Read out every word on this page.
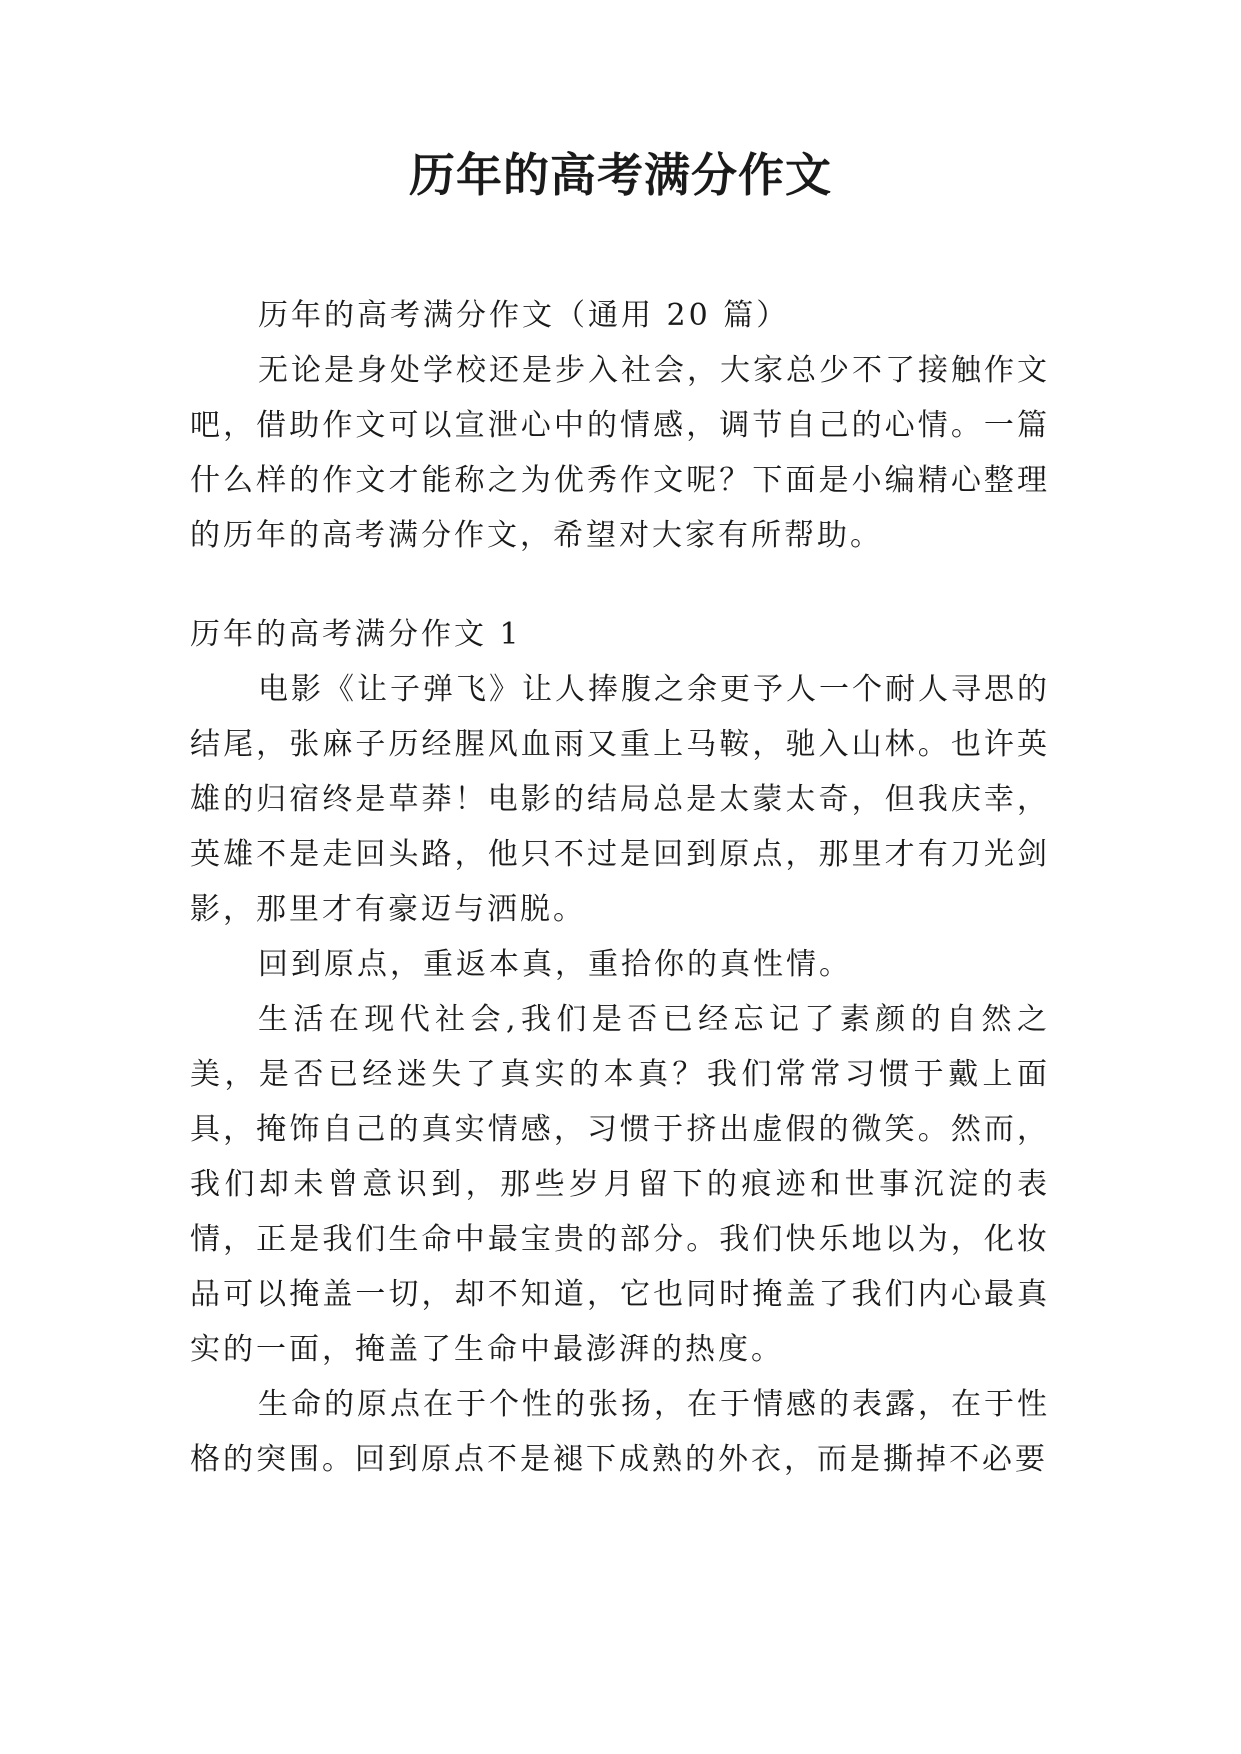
历年的高考满分作文

历年的高考满分作文（通用 20 篇）

无论是身处学校还是步入社会，大家总少不了接触作文吧，借助作文可以宣泄心中的情感，调节自己的心情。一篇什么样的作文才能称之为优秀作文呢？下面是小编精心整理的历年的高考满分作文，希望对大家有所帮助。

历年的高考满分作文 1

电影《让子弹飞》让人捧腹之余更予人一个耐人寻思的结尾，张麻子历经腥风血雨又重上马鞍，驰入山林。也许英雄的归宿终是草莽！电影的结局总是太蒙太奇，但我庆幸，英雄不是走回头路，他只不过是回到原点，那里才有刀光剑影，那里才有豪迈与洒脱。

回到原点，重返本真，重拾你的真性情。

生活在现代社会,我们是否已经忘记了素颜的自然之美，是否已经迷失了真实的本真？我们常常习惯于戴上面具，掩饰自己的真实情感，习惯于挤出虚假的微笑。然而，我们却未曾意识到，那些岁月留下的痕迹和世事沉淀的表情，正是我们生命中最宝贵的部分。我们快乐地以为，化妆品可以掩盖一切，却不知道，它也同时掩盖了我们内心最真实的一面，掩盖了生命中最澎湃的热度。

生命的原点在于个性的张扬，在于情感的表露，在于性格的突围。回到原点不是褪下成熟的外衣，而是撕掉不必要
